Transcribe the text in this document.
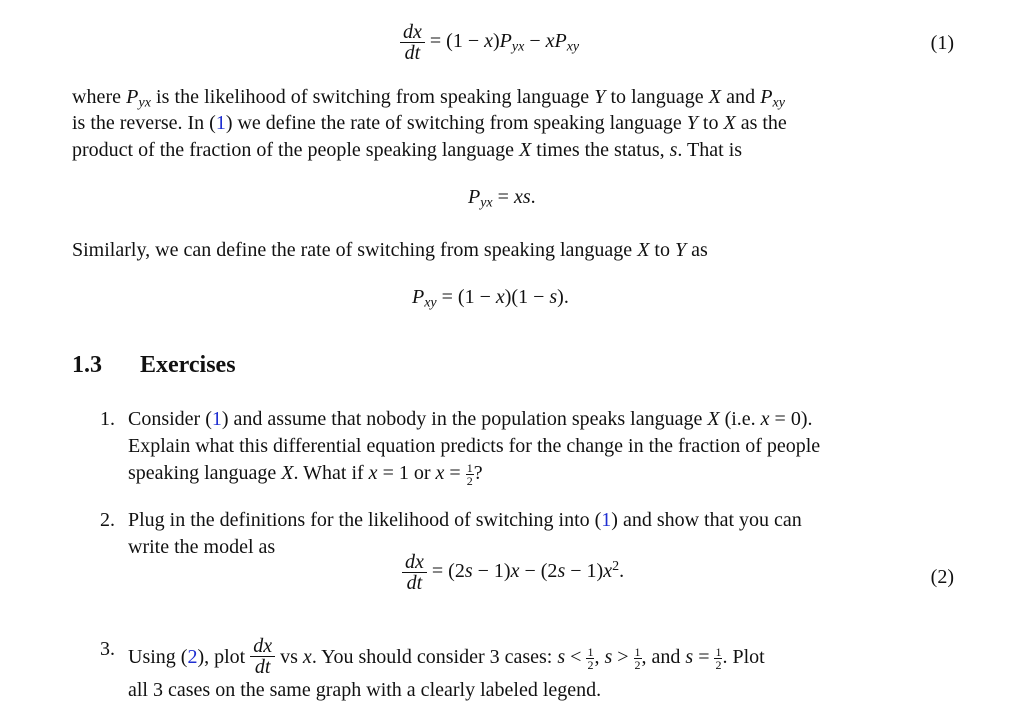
$\frac{dx}{dt} = (1 - x)P_{yx} - xP_{xy}$	(1)
where $P_{yx}$ is the likelihood of switching from speaking language Y to language X and $P_{xy}$
is the reverse. In (1) we define the rate of switching from speaking language Y to X as the
product of the fraction of the people speaking language X times the status, s. That is
$P_{yx}$ = xs.
Similarly, we can define the rate of switching from speaking language X to Y as
$P_{xy} = (1 - x)(1 - s)$.
1.3 Exercises
1. Consider (1) and assume that nobody in the population speaks language X (i.e. x = 0).
Explain what this differential equation predicts for the change in the fraction of people
speaking language X. What if x = 1 or $x = \frac{1}{2}$ ?
2. Plug in the definitions for the likelihood of switching into (1) and show that you can
write the model as
$\frac{dx}{dt} = (2s - 1)x - (2s - 1)x^2$.	(2)
3. Using (2), plot $\frac{dx}{dt}$ vs x. You should consider 3 cases: $s < \frac{1}{2}$ , $s > \frac{1}{2}$ , and $s = \frac{1}{2}$ . Plot
all 3 cases on the same graph with a clearly labeled legend.
